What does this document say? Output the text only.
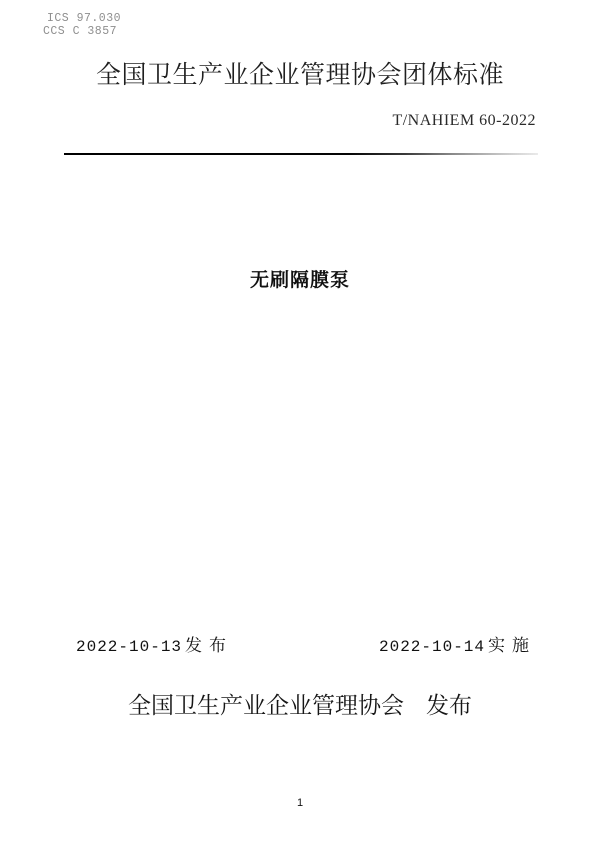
ICS 97.030
CCS C 3857
全国卫生产业企业管理协会团体标准
T/NAHIEM 60-2022
无刷隔膜泵
2022-10-13 发布	2022-10-14 实施
全国卫生产业企业管理协会 发布
1
